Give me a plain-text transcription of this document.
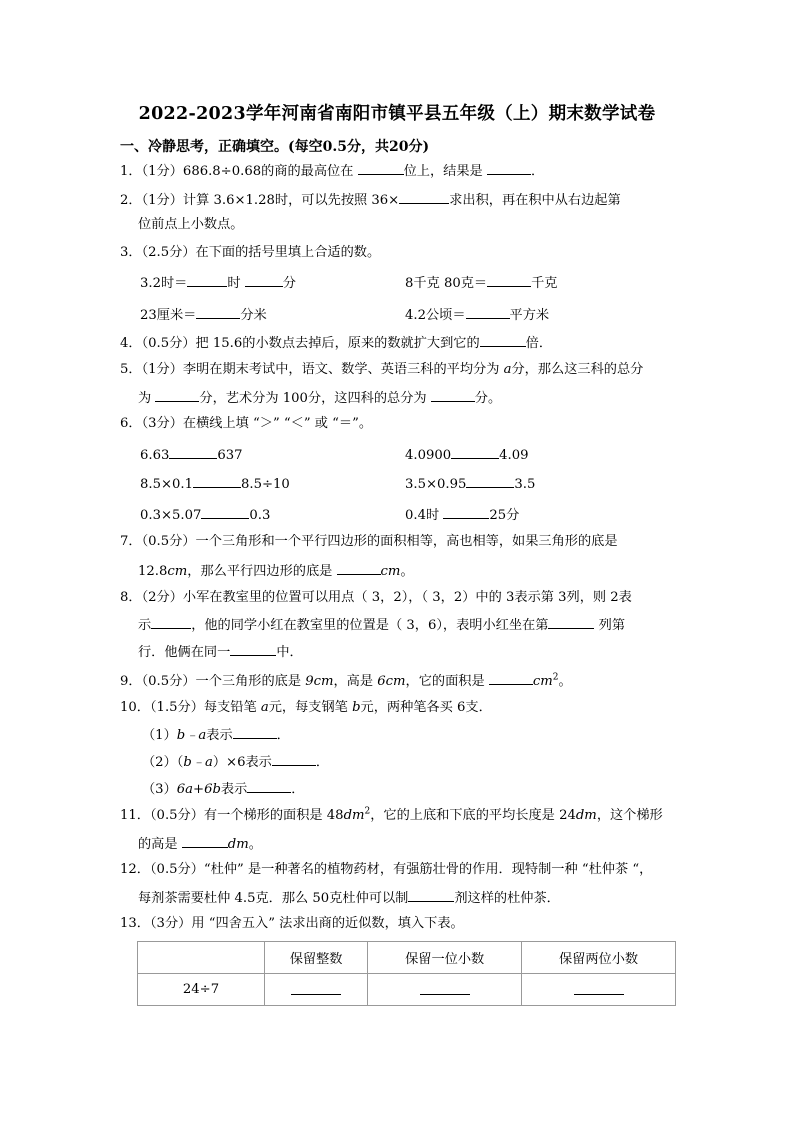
2022-2023学年河南省南阳市镇平县五年级（上）期末数学试卷
一、冷静思考，正确填空。(每空0.5分，共20分)
1．（1分）686.8÷0.68的商的最高位在	位上，结果是	．
2．（1分）计算 3.6×1.28时，可以先按照 36×	求出积，再在积中从右边起第
位前点上小数点。
3．（2.5分）在下面的括号里填上合适的数。
3.2时＝	时	分	8千克 80克＝	千克
23厘米＝	分米	4.2公顷＝	平方米
4．（0.5分）把 15.6的小数点去掉后，原来的数就扩大到它的	倍．
5．（1分）李明在期末考试中，语文、数学、英语三科的平均分为 a分，那么这三科的总分
为	分，艺术分为 100分，这四科的总分为	分。
6．（3分）在横线上填 “＞” “＜” 或 “＝”。
6.63	637	4.0900	4.09
8.5×0.1	8.5÷10	3.5×0.95	3.5
0.3×5.07	0.3	0.4时	25分
7．（0.5分）一个三角形和一个平行四边形的面积相等，高也相等，如果三角形的底是
12.8cm，那么平行四边形的底是	cm。
8．（2分）小军在教室里的位置可以用点（ 3，2），（ 3，2）中的 3表示第 3列，则 2表
示	，他的同学小红在教室里的位置是（ 3，6），表明小红坐在第	列第
行．他俩在同一	中．
9．（0.5分）一个三角形的底是 9cm，高是 6cm，它的面积是	$cm^2$。
10．（1.5分）每支铅笔 a元，每支钢笔 b元，两种笔各买 6支．
（1）b﹣a表示	．
（2）（b﹣a）×6表示	．
（3）6a+6b表示	．
11．（0.5分）有一个梯形的面积是 $48dm^2$，它的上底和下底的平均长度是 24dm，这个梯形
的高是	dm。
12．（0.5分）“杜仲” 是一种著名的植物药材，有强筋壮骨的作用．现特制一种 “杜仲茶 “，
每剂茶需要杜仲 4.5克．那么 50克杜仲可以制	剂这样的杜仲茶．
13．（3分）用 “四舍五入” 法求出商的近似数，填入下表。
	保留整数	保留一位小数	保留两位小数
24÷7			
